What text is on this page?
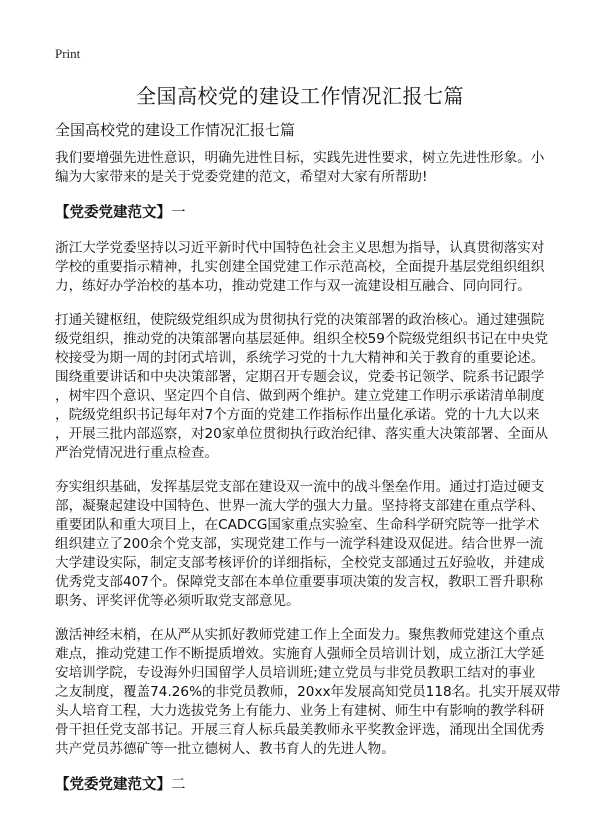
Print
全国高校党的建设工作情况汇报七篇
全国高校党的建设工作情况汇报七篇
我们要增强先进性意识，明确先进性目标，实践先进性要求，树立先进性形象。小
编为大家带来的是关于党委党建的范文，希望对大家有所帮助!
【党委党建范文】一
浙江大学党委坚持以习近平新时代中国特色社会主义思想为指导，认真贯彻落实对
学校的重要指示精神，扎实创建全国党建工作示范高校，全面提升基层党组织组织
力，练好办学治校的基本功，推动党建工作与双一流建设相互融合、同向同行。
打通关键枢纽，使院级党组织成为贯彻执行党的决策部署的政治核心。通过建强院
级党组织，推动党的决策部署向基层延伸。组织全校59个院级党组织书记在中央党
校接受为期一周的封闭式培训，系统学习党的十九大精神和关于教育的重要论述。
围绕重要讲话和中央决策部署，定期召开专题会议，党委书记领学、院系书记跟学
，树牢四个意识、坚定四个自信、做到两个维护。建立党建工作明示承诺清单制度
，院级党组织书记每年对7个方面的党建工作指标作出量化承诺。党的十九大以来
，开展三批内部巡察，对20家单位贯彻执行政治纪律、落实重大决策部署、全面从
严治党情况进行重点检查。
夯实组织基础，发挥基层党支部在建设双一流中的战斗堡垒作用。通过打造过硬支
部，凝聚起建设中国特色、世界一流大学的强大力量。坚持将支部建在重点学科、
重要团队和重大项目上，在CADCG国家重点实验室、生命科学研究院等一批学术
组织建立了200余个党支部，实现党建工作与一流学科建设双促进。结合世界一流
大学建设实际，制定支部考核评价的详细指标，全校党支部通过五好验收，并建成
优秀党支部407个。保障党支部在本单位重要事项决策的发言权，教职工晋升职称
职务、评奖评优等必须听取党支部意见。
激活神经末梢，在从严从实抓好教师党建工作上全面发力。聚焦教师党建这个重点
难点，推动党建工作不断提质增效。实施育人强师全员培训计划，成立浙江大学延
安培训学院，专设海外归国留学人员培训班;建立党员与非党员教职工结对的事业
之友制度，覆盖74.26%的非党员教师，20xx年发展高知党员118名。扎实开展双带
头人培育工程，大力选拔党务上有能力、业务上有建树、师生中有影响的教学科研
骨干担任党支部书记。开展三育人标兵最美教师永平奖教金评选，涌现出全国优秀
共产党员苏德矿等一批立德树人、教书育人的先进人物。
【党委党建范文】二
